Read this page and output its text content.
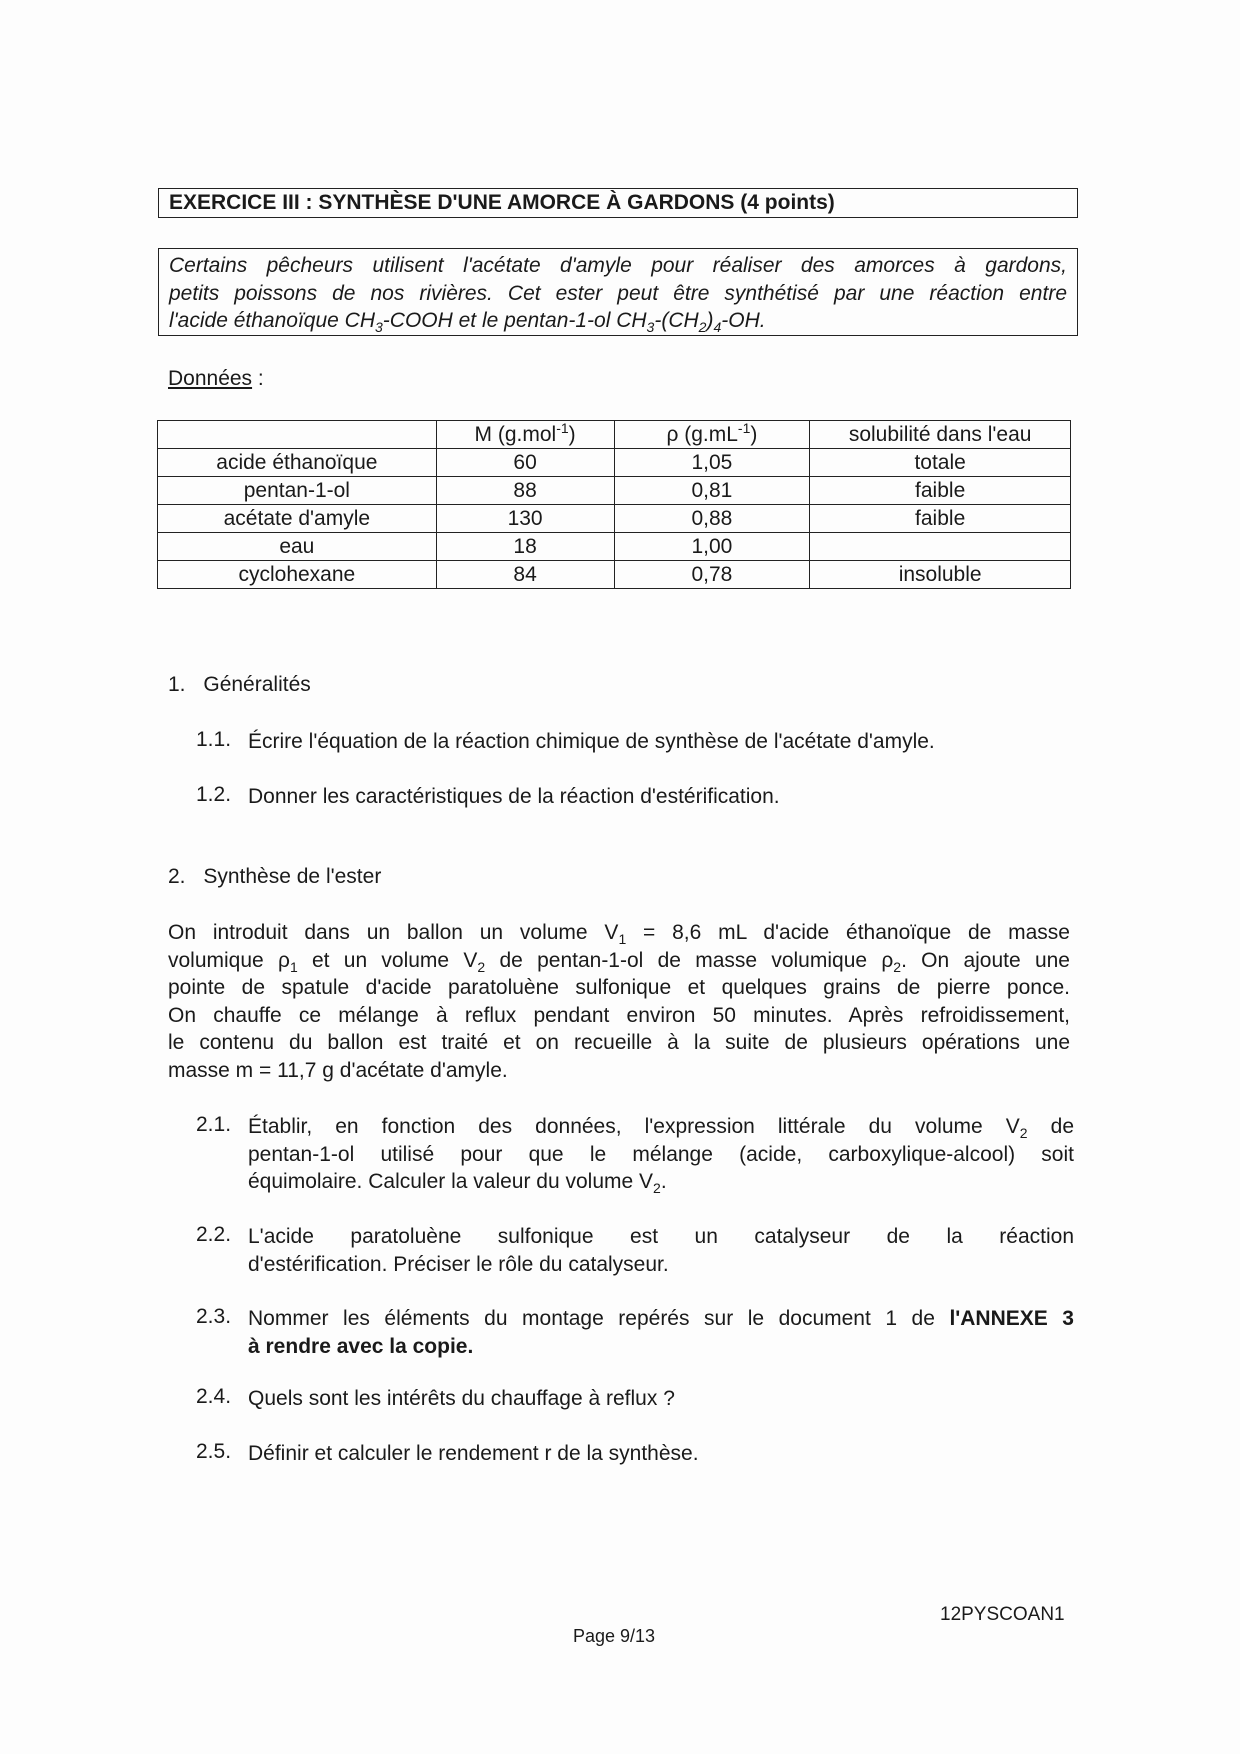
EXERCICE III : SYNTHÈSE D'UNE AMORCE À GARDONS (4 points)
Certains pêcheurs utilisent l'acétate d'amyle pour réaliser des amorces à gardons,
petits poissons de nos rivières. Cet ester peut être synthétisé par une réaction entre
l'acide éthanoïque $CH_3$-COOH et le pentan-1-ol $CH_3-(CH_2)_4-OH$.
Données :
	M (g.mol$^{-1}$)	ρ $(g.mL^{-1})$	solubilité dans l'eau
acide éthanoïque	60	1,05	totale
pentan-1-ol	88	0,81	faible
acétate d'amyle	130	0,88	faible
eau	18	1,00	
cyclohexane	84	0,78	insoluble
1. Généralités
1.1. Écrire l'équation de la réaction chimique de synthèse de l'acétate d'amyle.
1.2. Donner les caractéristiques de la réaction d'estérification.
2. Synthèse de l'ester
On introduit dans un ballon un volume $V_1 = 8,6$ mL d'acide éthanoïque de masse
volumique $\rho_1$ et un volume $V_2$ de pentan-1-ol de masse volumique $\rho_2$. On ajoute une
pointe de spatule d'acide paratoluène sulfonique et quelques grains de pierre ponce.
On chauffe ce mélange à reflux pendant environ 50 minutes. Après refroidissement,
le contenu du ballon est traité et on recueille à la suite de plusieurs opérations une
masse m = 11,7 g d'acétate d'amyle.
2.1. Établir, en fonction des données, l'expression littérale du volume $V_2$ de
pentan-1-ol utilisé pour que le mélange (acide, carboxylique-alcool) soit
équimolaire. Calculer la valeur du volume $V_2$.
2.2. L'acide paratoluène sulfonique est un catalyseur de la réaction
d'estérification. Préciser le rôle du catalyseur.
2.3. Nommer les éléments du montage repérés sur le document 1 de l'ANNEXE 3
à rendre avec la copie.
2.4. Quels sont les intérêts du chauffage à reflux ?
2.5. Définir et calculer le rendement r de la synthèse.
12PYSCOAN1
Page 9/13
